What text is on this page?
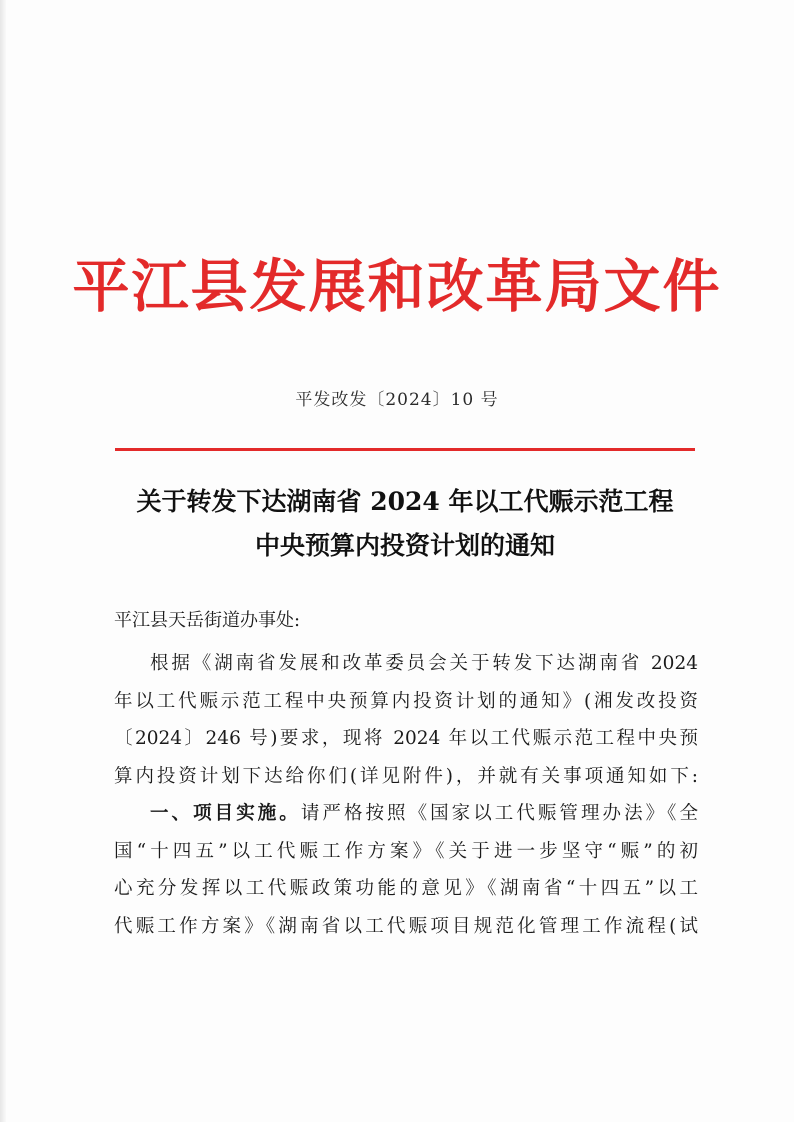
平江县发展和改革局文件
平发改发〔2024〕10 号
关于转发下达湖南省 2024 年以工代赈示范工程
中央预算内投资计划的通知
平江县天岳街道办事处:
根据《湖南省发展和改革委员会关于转发下达湖南省 2024
年以工代赈示范工程中央预算内投资计划的通知》(湘发改投资
〔2024〕246 号)要求，现将 2024 年以工代赈示范工程中央预
算内投资计划下达给你们(详见附件)，并就有关事项通知如下:
一、项目实施。请严格按照《国家以工代赈管理办法》《全
国“十四五”以工代赈工作方案》《关于进一步坚守“赈”的初
心充分发挥以工代赈政策功能的意见》《湖南省“十四五”以工
代赈工作方案》《湖南省以工代赈项目规范化管理工作流程(试
